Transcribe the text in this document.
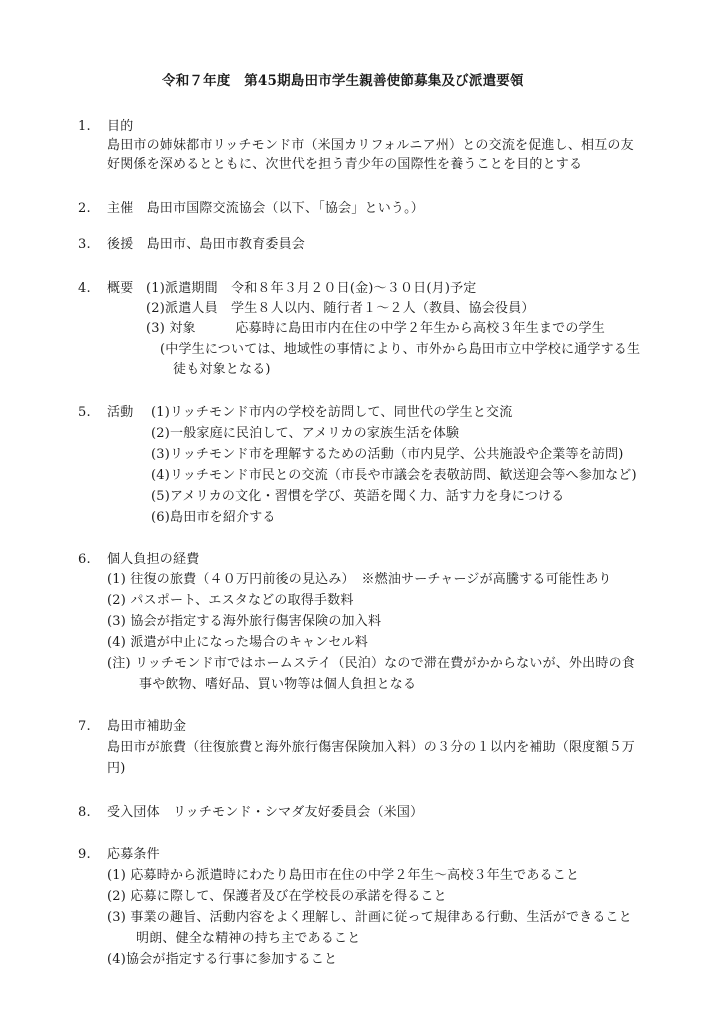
令和７年度　第45期島田市学生親善使節募集及び派遣要領
1. 目的
島田市の姉妹都市リッチモンド市（米国カリフォルニア州）との交流を促進し、相互の友
好関係を深めるとともに、次世代を担う青少年の国際性を養うことを目的とする
2. 主催　島田市国際交流協会（以下、「協会」という。）
3. 後援　島田市、島田市教育委員会
4. 概要 (1)派遣期間　令和８年３月２０日(金)～３０日(月)予定
(2)派遣人員　学生８人以内、随行者１～２人（教員、協会役員）
(3) 対象　　　応募時に島田市内在住の中学２年生から高校３年生までの学生
(中学生については、地域性の事情により、市外から島田市立中学校に通学する生
徒も対象となる)
5. 活動 (1)リッチモンド市内の学校を訪問して、同世代の学生と交流
(2)一般家庭に民泊して、アメリカの家族生活を体験
(3)リッチモンド市を理解するための活動（市内見学、公共施設や企業等を訪問)
(4)リッチモンド市民との交流（市長や市議会を表敬訪問、歓送迎会等へ参加など)
(5)アメリカの文化・習慣を学び、英語を聞く力、話す力を身につける
(6)島田市を紹介する
6. 個人負担の経費
(1) 往復の旅費（４０万円前後の見込み）　※燃油サーチャージが高騰する可能性あり
(2) パスポート、エスタなどの取得手数料
(3) 協会が指定する海外旅行傷害保険の加入料
(4) 派遣が中止になった場合のキャンセル料
(注) リッチモンド市ではホームステイ（民泊）なので滞在費がかからないが、外出時の食
事や飲物、嗜好品、買い物等は個人負担となる
7. 島田市補助金
島田市が旅費（往復旅費と海外旅行傷害保険加入料）の３分の１以内を補助（限度額５万
円)
8. 受入団体　リッチモンド・シマダ友好委員会（米国）
9. 応募条件
(1) 応募時から派遣時にわたり島田市在住の中学２年生～高校３年生であること
(2) 応募に際して、保護者及び在学校長の承諾を得ること
(3) 事業の趣旨、活動内容をよく理解し、計画に従って規律ある行動、生活ができること
明朗、健全な精神の持ち主であること
(4)協会が指定する行事に参加すること
